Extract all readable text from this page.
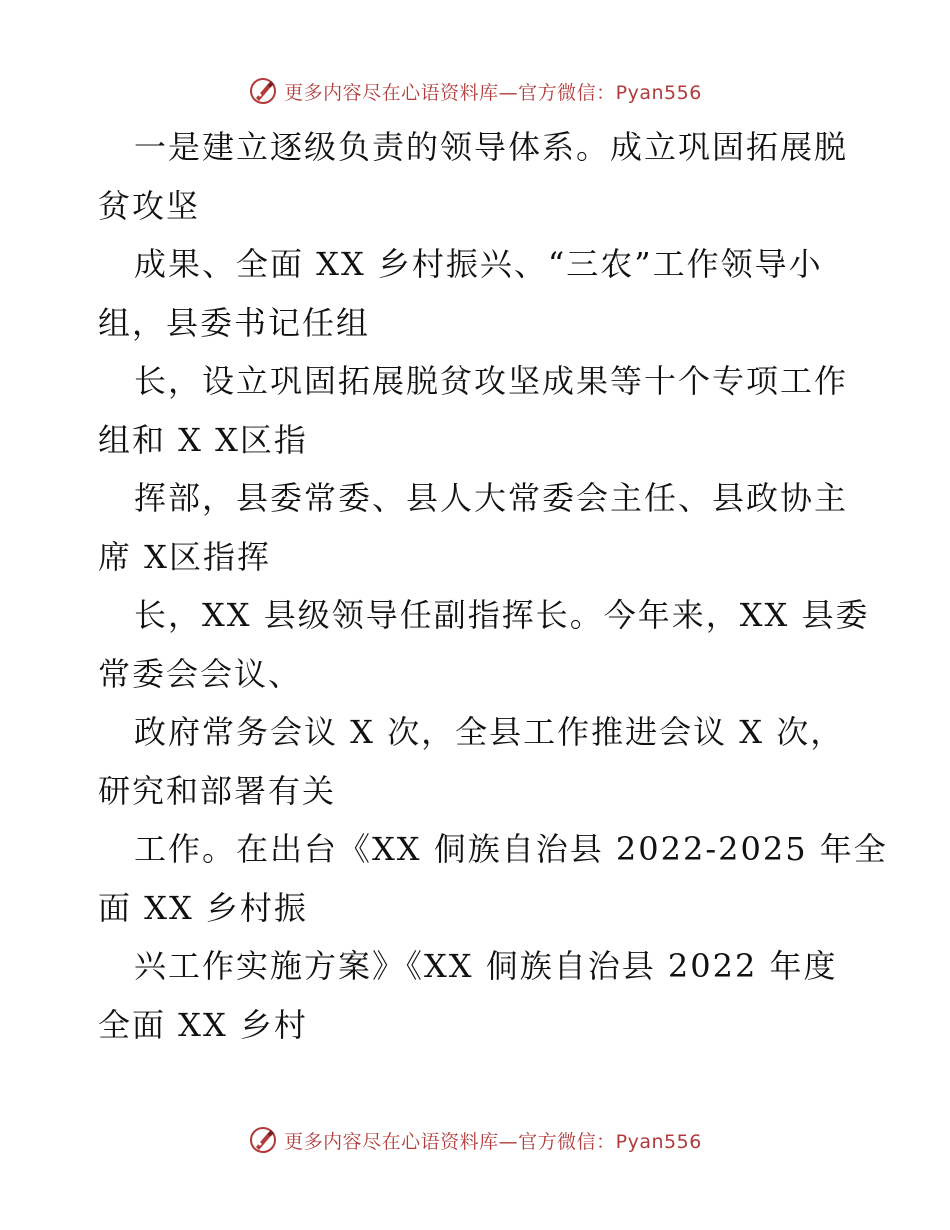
更多内容尽在心语资料库—官方微信：Pyan556
一是建立逐级负责的领导体系。成立巩固拓展脱
贫攻坚
成果、全面 XX 乡村振兴、“三农”工作领导小
组，县委书记任组
长，设立巩固拓展脱贫攻坚成果等十个专项工作
组和 X X区指
挥部，县委常委、县人大常委会主任、县政协主
席 X区指挥
长，XX 县级领导任副指挥长。今年来，XX 县委
常委会会议、
政府常务会议 X 次，全县工作推进会议 X 次，
研究和部署有关
工作。在出台《XX 侗族自治县 2022-2025 年全
面 XX 乡村振
兴工作实施方案》《XX 侗族自治县 2022 年度
全面 XX 乡村
更多内容尽在心语资料库—官方微信：Pyan556
